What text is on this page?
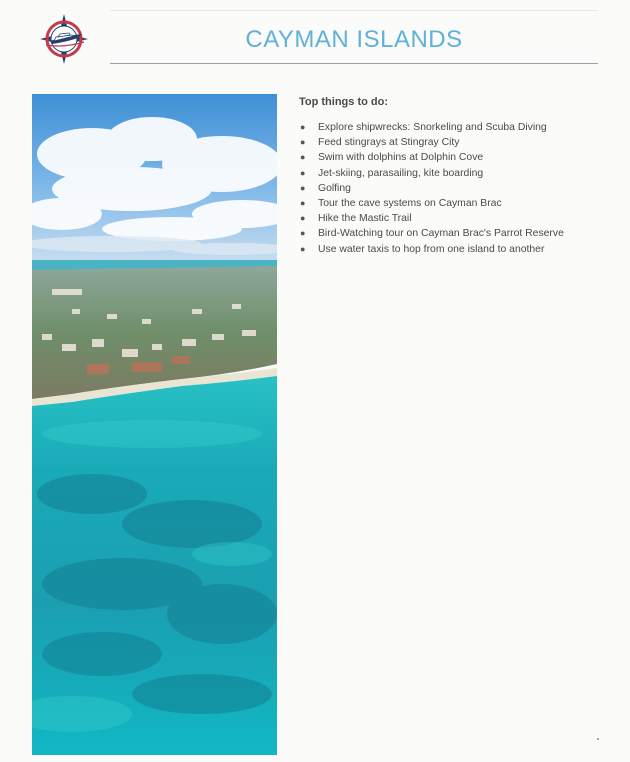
CAYMAN ISLANDS
Top things to do:
● Explore shipwrecks: Snorkeling and Scuba Diving
● Feed stingrays at Stingray City
● Swim with dolphins at Dolphin Cove
● Jet-skiing, parasailing, kite boarding
● Golfing
● Tour the cave systems on Cayman Brac
● Hike the Mastic Trail
● Bird-Watching tour on Cayman Brac's Parrot Reserve
● Use water taxis to hop from one island to another
